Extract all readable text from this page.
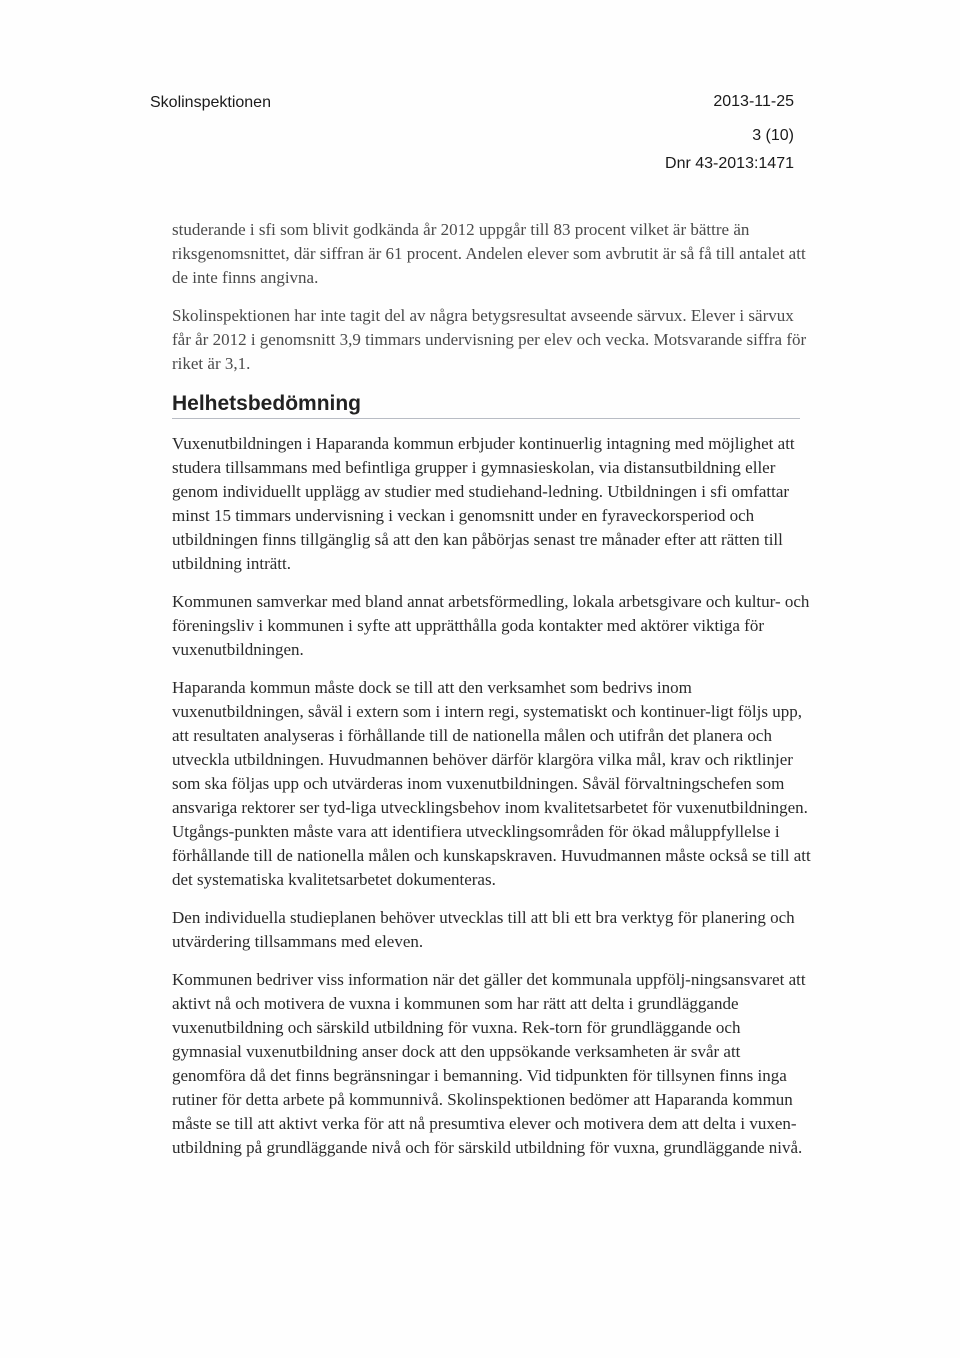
Skolinspektionen	2013-11-25
3 (10)
Dnr 43-2013:1471

studerande i sfi som blivit godkända år 2012 uppgår till 83 procent vilket är bättre än riksgenomsnittet, där siffran är 61 procent. Andelen elever som avbrutit är så få till antalet att de inte finns angivna.

Skolinspektionen har inte tagit del av några betygsresultat avseende särvux. Elever i särvux får år 2012 i genomsnitt 3,9 timmars undervisning per elev och vecka. Motsvarande siffra för riket är 3,1.

Helhetsbedömning

Vuxenutbildningen i Haparanda kommun erbjuder kontinuerlig intagning med möjlighet att studera tillsammans med befintliga grupper i gymnasieskolan, via distansutbildning eller genom individuellt upplägg av studier med studiehand-ledning. Utbildningen i sfi omfattar minst 15 timmars undervisning i veckan i genomsnitt under en fyraveckorsperiod och utbildningen finns tillgänglig så att den kan påbörjas senast tre månader efter att rätten till utbildning inträtt.

Kommunen samverkar med bland annat arbetsförmedling, lokala arbetsgivare och kultur- och föreningsliv i kommunen i syfte att upprätthålla goda kontakter med aktörer viktiga för vuxenutbildningen.

Haparanda kommun måste dock se till att den verksamhet som bedrivs inom vuxenutbildningen, såväl i extern som i intern regi, systematiskt och kontinuer-ligt följs upp, att resultaten analyseras i förhållande till de nationella målen och utifrån det planera och utveckla utbildningen. Huvudmannen behöver därför klargöra vilka mål, krav och riktlinjer som ska följas upp och utvärderas inom vuxenutbildningen. Såväl förvaltningschefen som ansvariga rektorer ser tyd-liga utvecklingsbehov inom kvalitetsarbetet för vuxenutbildningen. Utgångs-punkten måste vara att identifiera utvecklingsområden för ökad måluppfyllelse i förhållande till de nationella målen och kunskapskraven. Huvudmannen måste också se till att det systematiska kvalitetsarbetet dokumenteras.

Den individuella studieplanen behöver utvecklas till att bli ett bra verktyg för planering och utvärdering tillsammans med eleven.

Kommunen bedriver viss information när det gäller det kommunala uppfölj-ningsansvaret att aktivt nå och motivera de vuxna i kommunen som har rätt att delta i grundläggande vuxenutbildning och särskild utbildning för vuxna. Rek-torn för grundläggande och gymnasial vuxenutbildning anser dock att den uppsökande verksamheten är svår att genomföra då det finns begränsningar i bemanning. Vid tidpunkten för tillsynen finns inga rutiner för detta arbete på kommunnivå. Skolinspektionen bedömer att Haparanda kommun måste se till att aktivt verka för att nå presumtiva elever och motivera dem att delta i vuxen-utbildning på grundläggande nivå och för särskild utbildning för vuxna, grundläggande nivå.
